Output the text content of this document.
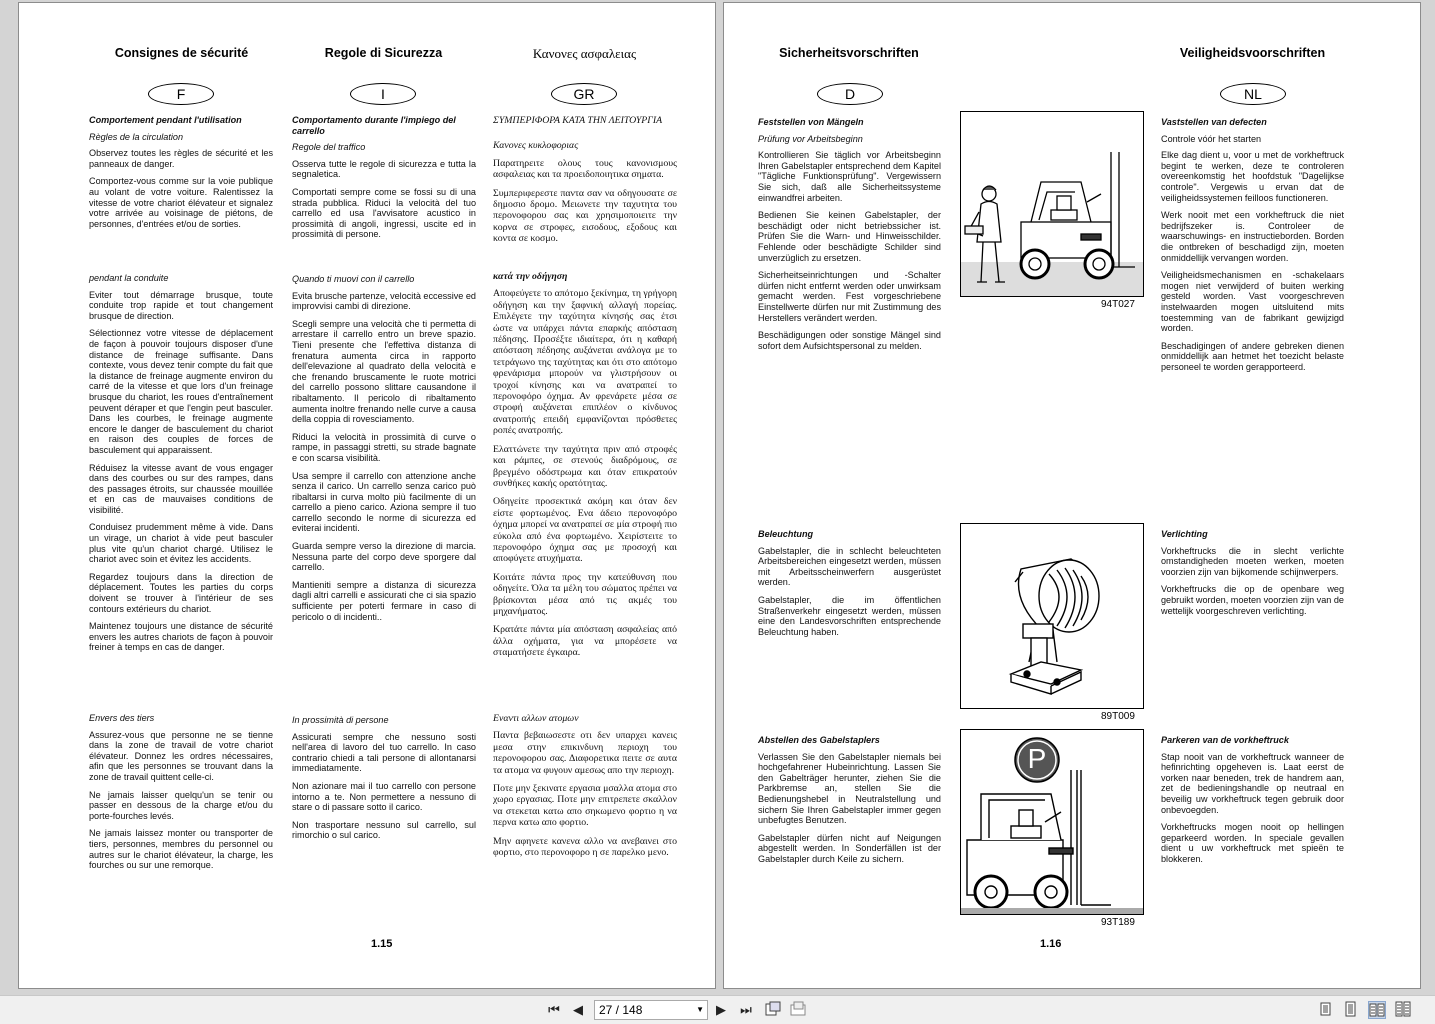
Consignes de sécurité
F
Comportement pendant l'utilisation
Règles de la circulation

Observez toutes les règles de sécurité et les panneaux de danger.

Comportez-vous comme sur la voie publique au volant de votre voiture. Ralentissez la vitesse de votre chariot élévateur et signalez votre arrivée au voisinage de piétons, de personnes, d'entrées et/ou de sorties.

pendant la conduite

Eviter tout démarrage brusque, toute conduite trop rapide et tout changement brusque de direction.

Sélectionnez votre vitesse de déplacement de façon à pouvoir toujours disposer d'une distance de freinage suffisante. Dans contexte, vous devez tenir compte du fait que la distance de freinage augmente environ du carré de la vitesse et que lors d'un freinage brusque du chariot, les roues d'entraînement peuvent déraper et que l'engin peut basculer. Dans les courbes, le freinage augmente encore le danger de basculement du chariot en raison des couples de forces de basculement qui apparaissent.

Réduisez la vitesse avant de vous engager dans des courbes ou sur des rampes, dans des passages étroits, sur chaussée mouillée et en cas de mauvaises conditions de visibilité.

Conduisez prudemment même à vide. Dans un virage, un chariot à vide peut basculer plus vite qu'un chariot chargé. Utilisez le chariot avec soin et évitez les accidents.

Regardez toujours dans la direction de déplacement. Toutes les parties du corps doivent se trouver à l'intérieur de ses contours extérieurs du chariot.

Maintenez toujours une distance de sécurité envers les autres chariots de façon à pouvoir freiner à temps en cas de danger.

Envers des tiers

Assurez-vous que personne ne se tienne dans la zone de travail de votre chariot élévateur. Donnez les ordres nécessaires, afin que les personnes se trouvant dans la zone de travail quittent celle-ci.

Ne jamais laisser quelqu'un se tenir ou passer en dessous de la charge et/ou du porte-fourches levés.

Ne jamais laissez monter ou transporter de tiers, personnes, membres du personnel ou autres sur le chariot élévateur, la charge, les fourches ou sur une remorque.

Regole di Sicurezza
I
Comportamento durante l'impiego del carrello
Regole del traffico

Osserva tutte le regole di sicurezza e tutta la segnaletica.

Comportati sempre come se fossi su di una strada pubblica. Riduci la velocità del tuo carrello ed usa l'avvisatore acustico in prossimità di angoli, ingressi, uscite ed in prossimità di persone.

Quando ti muovi con il carrello

Evita brusche partenze, velocità eccessive ed improvvisi cambi di direzione.

Scegli sempre una velocità che ti permetta di arrestare il carrello entro un breve spazio. Tieni presente che l'effettiva distanza di frenatura aumenta circa in rapporto dell'elevazione al quadrato della velocità e che frenando bruscamente le ruote motrici del carrello possono slittare causandone il ribaltamento. Il pericolo di ribaltamento aumenta inoltre frenando nelle curve a causa della coppia di rovesciamento.

Riduci la velocità in prossimità di curve o rampe, in passaggi stretti, su strade bagnate e con scarsa visibilità.

Usa sempre il carrello con attenzione anche senza il carico. Un carrello senza carico può ribaltarsi in curva molto più facilmente di un carrello a pieno carico. Aziona sempre il tuo carrello secondo le norme di sicurezza ed eviterai incidenti.

Guarda sempre verso la direzione di marcia. Nessuna parte del corpo deve sporgere dal carrello.

Mantieniti sempre a distanza di sicurezza dagli altri carrelli e assicurati che ci sia spazio sufficiente per poterti fermare in caso di pericolo o di incidenti..

In prossimità di persone

Assicurati sempre che nessuno sosti nell'area di lavoro del tuo carrello. In caso contrario chiedi a tali persone di allontanarsi immediatamente.

Non azionare mai il tuo carrello con persone intorno a te. Non permettere a nessuno di stare o di passare sotto il carico.

Non trasportare nessuno sul carrello, sul rimorchio o sul carico.

Κανονες ασφαλειας
GR
ΣΥΜΠΕΡΙΦΟΡΑ ΚΑΤΑ ΤΗΝ ΛΕΙΤΟΥΡΓΙΑ
Κανονες κυκλοφοριας

Παρατηρειτε ολους τους κανονισμους ασφαλειας και τα προειδοποιητικα σηματα.

Συμπεριφερεστε παντα σαν να οδηγουσατε σε δημοσιο δρομο. Μειωνετε την ταχυτητα του περονοφορου σας και χρησιμοποιειτε την κορνα σε στροφες, εισοδους, εξοδους και κοντα σε κοσμο.

κατά την οδήγηση

Αποφεύγετε το απότομο ξεκίνημα, τη γρήγορη οδήγηση και την ξαφνική αλλαγή πορείας. Επιλέγετε την ταχύτητα κίνησής σας έτσι ώστε να υπάρχει πάντα επαρκής απόσταση πέδησης. Προσέξτε ιδιαίτερα, ότι η καθαρή απόσταση πέδησης αυξάνεται ανάλογα με το τετράγωνο της ταχύτητας και ότι στο απότομο φρενάρισμα μπορούν να γλιστρήσουν οι τροχοί κίνησης και να ανατραπεί το περονοφόρο όχημα. Αν φρενάρετε μέσα σε στροφή αυξάνεται επιπλέον ο κίνδυνος ανατροπής επειδή εμφανίζονται πρόσθετες ροπές ανατροπής.

Ελαττώνετε την ταχύτητα πριν από στροφές και ράμπες, σε στενούς διαδρόμους, σε βρεγμένο οδόστρωμα και όταν επικρατούν συνθήκες κακής ορατότητας.

Οδηγείτε προσεκτικά ακόμη και όταν δεν είστε φορτωμένος. Ενα άδειο περονοφόρο όχημα μπορεί να ανατραπεί σε μία στροφή πιο εύκολα από ένα φορτωμένο. Χειρίστειτε το περονοφόρο όχημα σας με προσοχή και αποφύγετε ατυχήματα.

Κοιτάτε πάντα προς την κατεύθυνση που οδηγείτε. Όλα τα μέλη του σώματος πρέπει να βρίσκονται μέσα από τις ακμές του μηχανήματος.

Κρατάτε πάντα μία απόσταση ασφαλείας από άλλα οχήματα, για να μπορέσετε να σταματήσετε έγκαιρα.

Εναντι αλλων ατομων

Παντα βεβαιωσεστε οτι δεν υπαρχει κανεις μεσα στην επικινδυνη περιοχη του περονοφορου σας. Διαφορετικα πειτε σε αυτα τα ατομα να φυγουν αμεσως απο την περιοχη.

Ποτε μην ξεκινατε εργασια μσαλλα ατομα στο χωρο εργασιας. Ποτε μην επιτρεπετε σκαλλον να στεκεται κατω απο σηκωμενο φορτιο η να περνα κατω απο φορτιο.

Μην αφηνετε κανενα αλλο να ανεβαινει στο φορτιο, στο περονοφορο η σε παρελκο μενο.

1.15
Sicherheitsvorschriften
D
Feststellen von Mängeln
Prüfung vor Arbeitsbeginn

Kontrollieren Sie täglich vor Arbeitsbeginn Ihren Gabelstapler entsprechend dem Kapitel "Tägliche Funktionsprüfung". Vergewissern Sie sich, daß alle Sicherheitssysteme einwandfrei arbeiten.

Bedienen Sie keinen Gabelstapler, der beschädigt oder nicht betriebssicher ist. Prüfen Sie die Warn- und Hinweisschilder. Fehlende oder beschädigte Schilder sind unverzüglich zu ersetzen.

Sicherheitseinrichtungen und -Schalter dürfen nicht entfernt werden oder unwirksam gemacht werden. Fest vorgeschriebene Einstellwerte dürfen nur mit Zustimmung des Herstellers verändert werden.

Beschädigungen oder sonstige Mängel sind sofort dem Aufsichtspersonal zu melden.

Beleuchtung

Gabelstapler, die in schlecht beleuchteten Arbeitsbereichen eingesetzt werden, müssen mit Arbeitsscheinwerfern ausgerüstet werden.

Gabelstapler, die im öffentlichen Straßenverkehr eingesetzt werden, müssen eine den Landesvorschriften entsprechende Beleuchtung haben.

Abstellen des Gabelstaplers

Verlassen Sie den Gabelstapler niemals bei hochgefahrener Hubeinrichtung. Lassen Sie den Gabelträger herunter, ziehen Sie die Parkbremse an, stellen Sie die Bedienungshebel in Neutralstellung und sichern Sie Ihren Gabelstapler immer gegen unbefugtes Benutzen.

Gabelstapler dürfen nicht auf Neigungen abgestellt werden. In Sonderfällen ist der Gabelstapler durch Keile zu sichern.

94T027
89T009
P
93T189
Veiligheidsvoorschriften
NL
Vaststellen van defecten
Controle vóór het starten

Elke dag dient u, voor u met de vorkheftruck begint te werken, deze te controleren overeenkomstig het hoofdstuk "Dagelijkse controle". Vergewis u ervan dat de veiligheidssystemen feilloos functioneren.

Werk nooit met een vorkheftruck die niet bedrijfszeker is. Controleer de waarschuwings- en instructieborden. Borden die ontbreken of beschadigd zijn, moeten onmiddellijk vervangen worden.

Veiligheidsmechanismen en -schakelaars mogen niet verwijderd of buiten werking gesteld worden. Vast voorgeschreven instelwaarden mogen uitsluitend mits toestemming van de fabrikant gewijzigd worden.

Beschadigingen of andere gebreken dienen onmiddellijk aan hetmet het toezicht belaste personeel te worden gerapporteerd.

Verlichting

Vorkheftrucks die in slecht verlichte omstandigheden moeten werken, moeten voorzien zijn van bijkomende schijnwerpers.

Vorkheftrucks die op de openbare weg gebruikt worden, moeten voorzien zijn van de wettelijk voorgeschreven verlichting.

Parkeren van de vorkheftruck

Stap nooit van de vorkheftruck wanneer de hefinrichting opgeheven is. Laat eerst de vorken naar beneden, trek de handrem aan, zet de bedieningshandle op neutraal en beveilig uw vorkheftruck tegen gebruik door onbevoegden.

Vorkheftrucks mogen nooit op hellingen geparkeerd worden. In speciale gevallen dient u uw vorkheftruck met spieën te blokkeren.

1.16
⏮	◀	27 / 148	▼ ▶	⏭
